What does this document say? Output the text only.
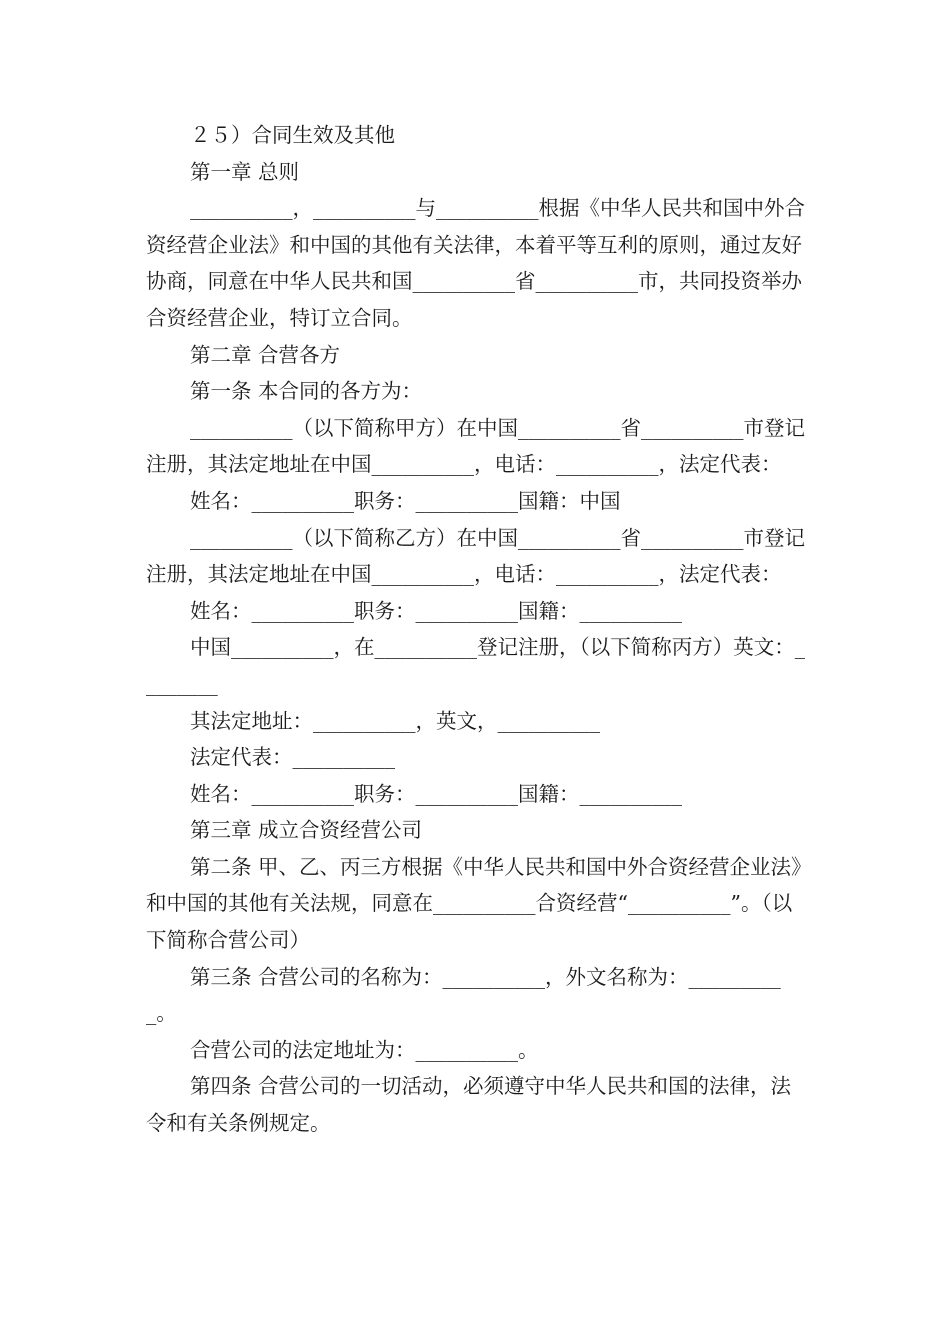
２５）合同生效及其他

第一章 总则

__________，__________与__________根据《中华人民共和国中外合资经营企业法》和中国的其他有关法律，本着平等互利的原则，通过友好协商，同意在中华人民共和国__________省__________市，共同投资举办合资经营企业，特订立合同。

第二章 合营各方

第一条 本合同的各方为：

__________（以下简称甲方）在中国__________省__________市登记注册，其法定地址在中国__________，电话：__________，法定代表：

姓名：__________职务：__________国籍：中国

__________（以下简称乙方）在中国__________省__________市登记注册，其法定地址在中国__________，电话：__________，法定代表：

姓名：__________职务：__________国籍：__________

中国__________，在__________登记注册，（以下简称丙方）英文：________

其法定地址：__________，英文，__________

法定代表：__________

姓名：__________职务：__________国籍：__________

第三章 成立合资经营公司

第二条 甲、乙、丙三方根据《中华人民共和国中外合资经营企业法》和中国的其他有关法规，同意在__________合资经营“__________”。（以下简称合营公司）

第三条 合营公司的名称为：__________，外文名称为：__________。

合营公司的法定地址为：__________。

第四条 合营公司的一切活动，必须遵守中华人民共和国的法律，法令和有关条例规定。
